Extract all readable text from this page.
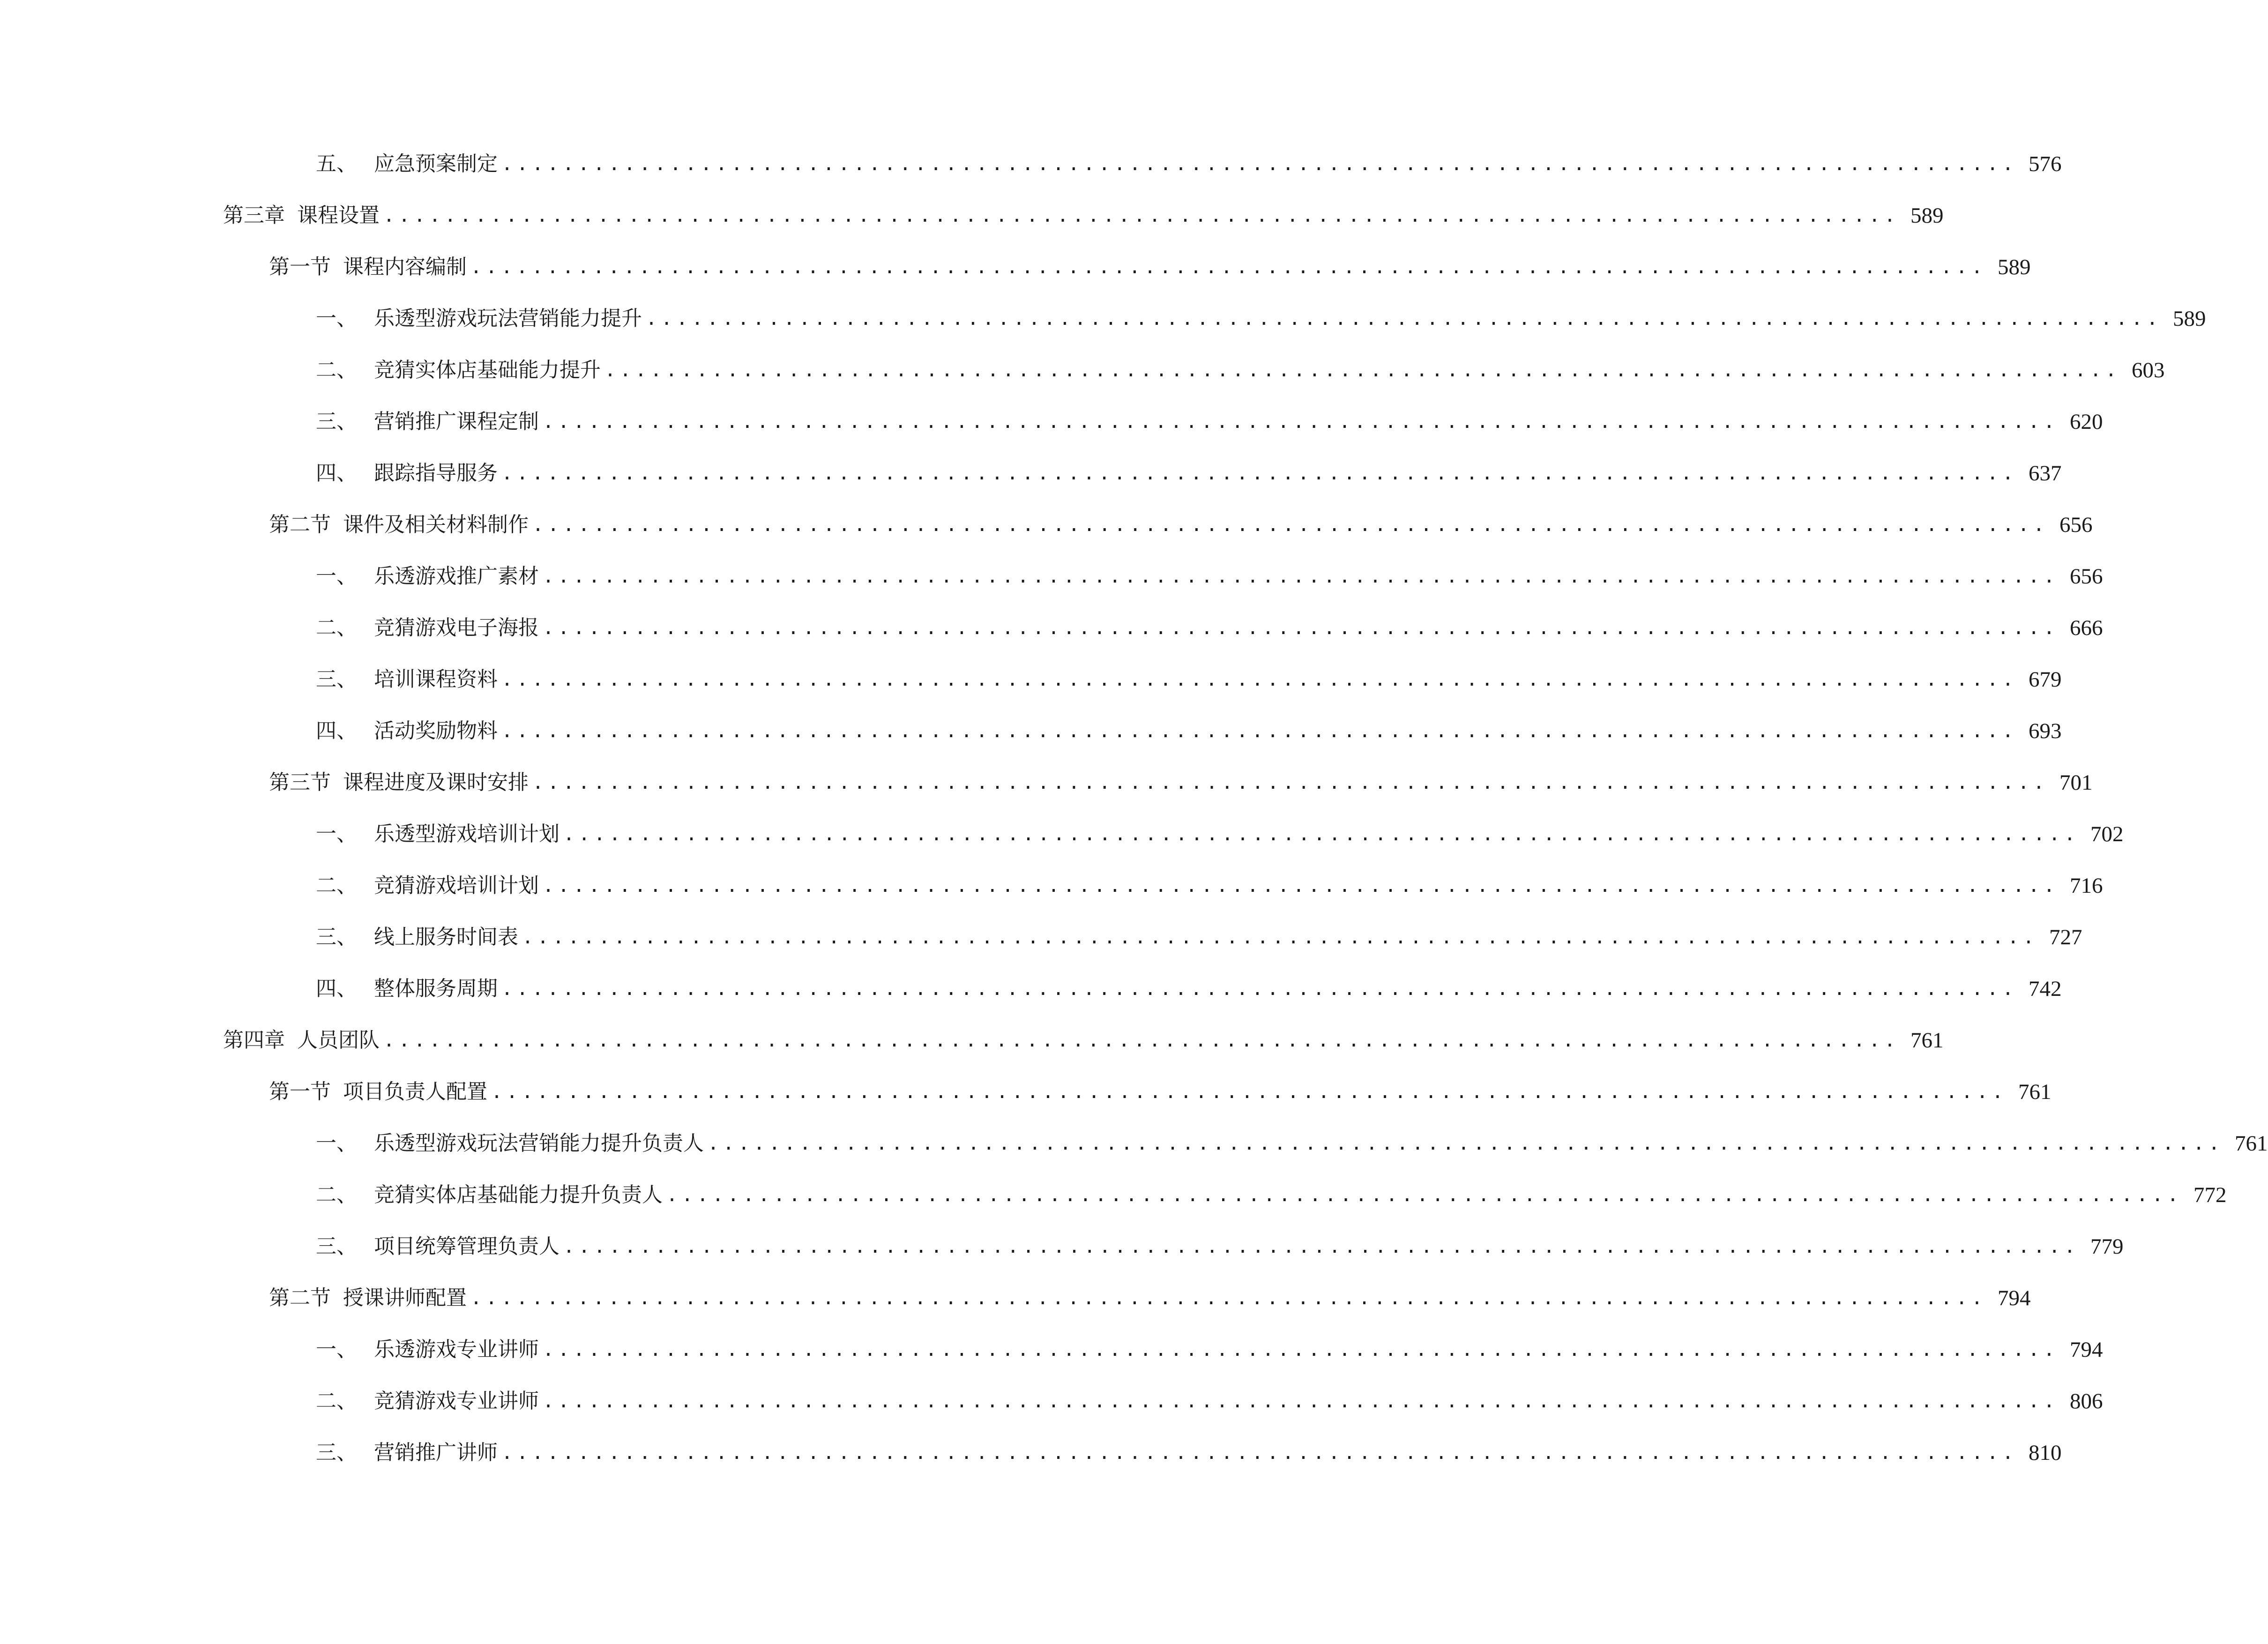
五、 应急预案制定 ................................................................................................... 576
第三章 课程设置 ................................................................................................... 589
第一节 课程内容编制 ................................................................................................... 589
一、 乐透型游戏玩法营销能力提升 ................................................................................................... 589
二、 竞猜实体店基础能力提升 ................................................................................................... 603
三、 营销推广课程定制 ................................................................................................... 620
四、 跟踪指导服务 ................................................................................................... 637
第二节 课件及相关材料制作 ................................................................................................... 656
一、 乐透游戏推广素材 ................................................................................................... 656
二、 竞猜游戏电子海报 ................................................................................................... 666
三、 培训课程资料 ................................................................................................... 679
四、 活动奖励物料 ................................................................................................... 693
第三节 课程进度及课时安排 ................................................................................................... 701
一、 乐透型游戏培训计划 ................................................................................................... 702
二、 竞猜游戏培训计划 ................................................................................................... 716
三、 线上服务时间表 ................................................................................................... 727
四、 整体服务周期 ................................................................................................... 742
第四章 人员团队 ................................................................................................... 761
第一节 项目负责人配置 ................................................................................................... 761
一、 乐透型游戏玩法营销能力提升负责人 ................................................................................................... 761
二、 竞猜实体店基础能力提升负责人 ................................................................................................... 772
三、 项目统筹管理负责人 ................................................................................................... 779
第二节 授课讲师配置 ................................................................................................... 794
一、 乐透游戏专业讲师 ................................................................................................... 794
二、 竞猜游戏专业讲师 ................................................................................................... 806
三、 营销推广讲师 ................................................................................................... 810
